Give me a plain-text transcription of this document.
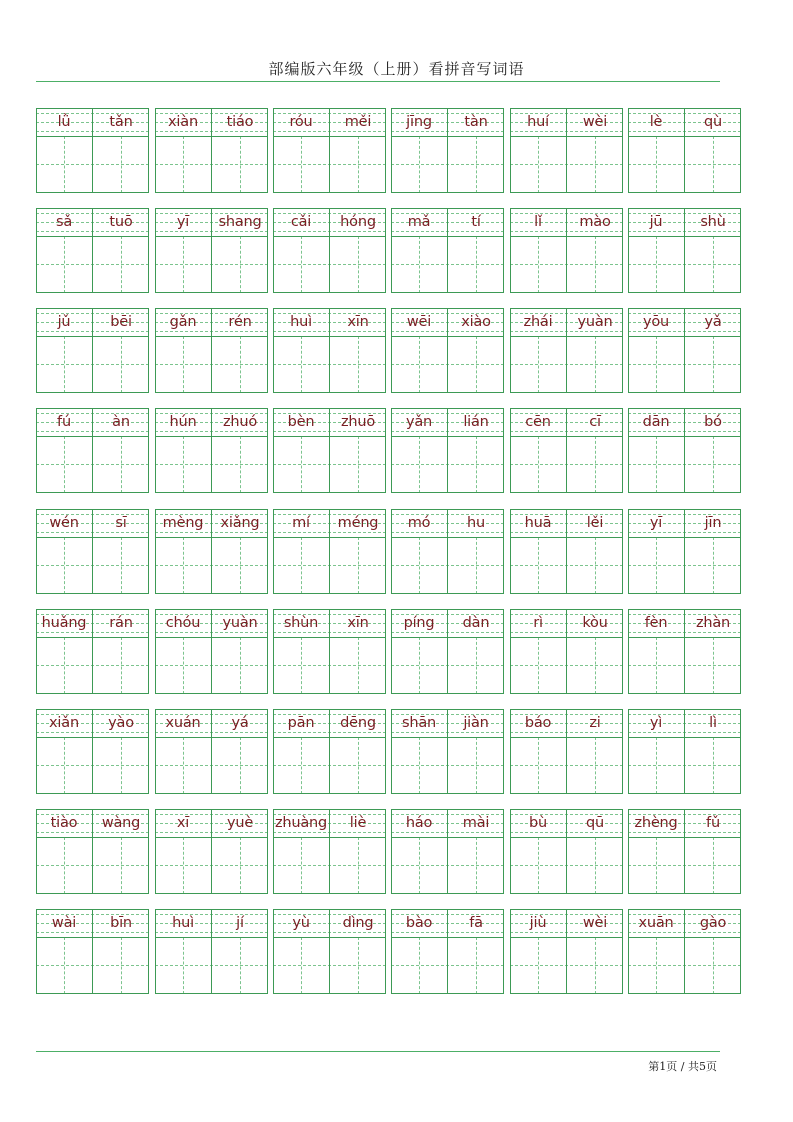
部编版六年级（上册）看拼音写词语
lǜ	tǎn	xiàn	tiáo	róu	měi	jīng	tàn	huí	wèi	lè	qù
sǎ	tuō	yī	shang	cǎi	hóng	mǎ	tí	lǐ	mào	jū	shù
jǔ	bēi	gǎn	rén	huì	xīn	wēi	xiào	zhái	yuàn	yōu	yǎ
fú	àn	hún	zhuó	bèn	zhuō	yǎn	lián	cēn	cī	dān	bó
wén	sī	mèng	xiǎng	mí	méng	mó	hu	huā	lěi	yī	jīn
huǎng	rán	chóu	yuàn	shùn	xīn	píng	dàn	rì	kòu	fèn	zhàn
xiǎn	yào	xuán	yá	pān	dēng	shān	jiàn	báo	zi	yì	lì
tiào	wàng	xī	yuè	zhuàng	liè	háo	mài	bù	qū	zhèng	fǔ
wài	bīn	huì	jí	yù	dìng	bào	fā	jiù	wèi	xuān	gào
第1页 / 共5页
